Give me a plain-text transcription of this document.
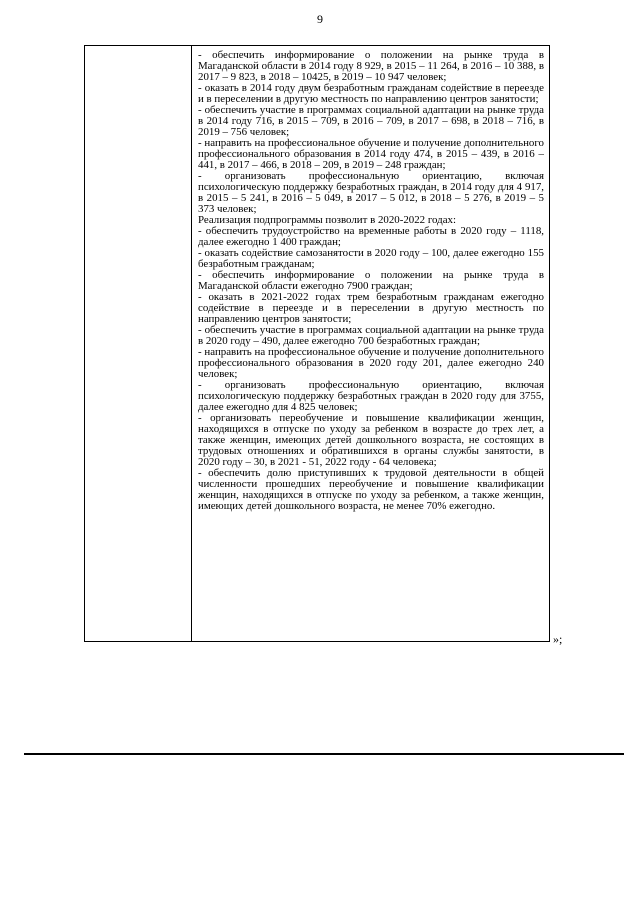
9

- обеспечить информирование о положении на рынке труда в Магаданской области в 2014 году 8 929, в 2015 – 11 264, в 2016 – 10 388, в 2017 – 9 823, в 2018 – 10425, в 2019 – 10 947 человек;

- оказать в 2014 году двум безработным гражданам содействие в переезде и в переселении в другую местность по направлению центров занятости;

- обеспечить участие в программах социальной адаптации на рынке труда в 2014 году 716, в 2015 – 709, в 2016 – 709, в 2017 – 698, в 2018 – 716, в 2019 – 756 человек;

- направить на профессиональное обучение и получение дополнительного профессионального образования в 2014 году 474, в 2015 – 439, в 2016 – 441, в 2017 – 466, в 2018 – 209, в 2019 – 248 граждан;

- организовать профессиональную ориентацию, включая психологическую поддержку безработных граждан, в 2014 году для 4 917, в 2015 – 5 241, в 2016 – 5 049, в 2017 – 5 012, в 2018 – 5 276, в 2019 – 5 373 человек;

Реализация подпрограммы позволит в 2020-2022 годах:

- обеспечить трудоустройство на временные работы в 2020 году – 1118, далее ежегодно 1 400 граждан;

- оказать содействие самозанятости в 2020 году – 100, далее ежегодно 155 безработным гражданам;

- обеспечить информирование о положении на рынке труда в Магаданской области ежегодно 7900 граждан;

- оказать в 2021-2022 годах трем безработным гражданам ежегодно содействие в переезде и в переселении в другую местность по направлению центров занятости;

- обеспечить участие в программах социальной адаптации на рынке труда в 2020 году – 490, далее ежегодно 700 безработных граждан;

- направить на профессиональное обучение и получение дополнительного профессионального образования в 2020 году 201, далее ежегодно 240 человек;

- организовать профессиональную ориентацию, включая психологическую поддержку безработных граждан в 2020 году для 3755, далее ежегодно для 4 825 человек;

- организовать переобучение и повышение квалификации женщин, находящихся в отпуске по уходу за ребенком в возрасте до трех лет, а также женщин, имеющих детей дошкольного возраста, не состоящих в трудовых отношениях и обратившихся в органы службы занятости, в 2020 году – 30, в 2021 - 51, 2022 году - 64 человека;

- обеспечить долю приступивших к трудовой деятельности в общей численности прошедших переобучение и повышение квалификации женщин, находящихся в отпуске по уходу за ребенком, а также женщин, имеющих детей дошкольного возраста, не менее 70% ежегодно.

»;
